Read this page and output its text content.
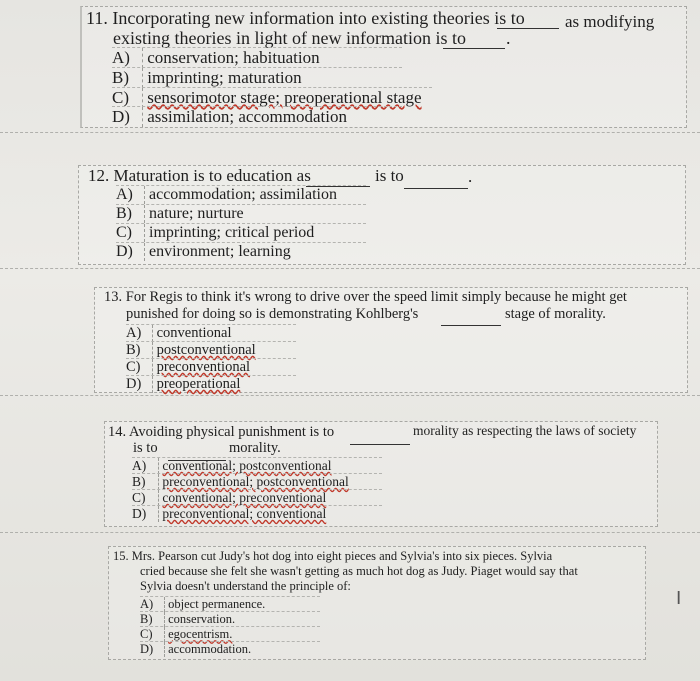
11. Incorporating new information into existing theories is to as modifying
existing theories in light of new information is to .
A) conservation; habituation
B) imprinting; maturation
C) sensorimotor stage; preoperational stage
D) assimilation; accommodation
12. Maturation is to education as	is to	.
A) accommodation; assimilation
B) nature; nurture
C) imprinting; critical period
D) environment; learning
13. For Regis to think it's wrong to drive over the speed limit simply because he might get
punished for doing so is demonstrating Kohlberg's	stage of morality.
A) conventional
B) postconventional
C) preconventional
D) preoperational
14. Avoiding physical punishment is to	morality as respecting the laws of society
is to	morality.
A) conventional; postconventional
B) preconventional; postconventional
C) conventional; preconventional
D) preconventional; conventional
15. Mrs. Pearson cut Judy's hot dog into eight pieces and Sylvia's into six pieces. Sylvia
cried because she felt she wasn't getting as much hot dog as Judy. Piaget would say that
Sylvia doesn't understand the principle of:
A) object permanence.
B) conservation.
C) egocentrism.
D) accommodation.
I
